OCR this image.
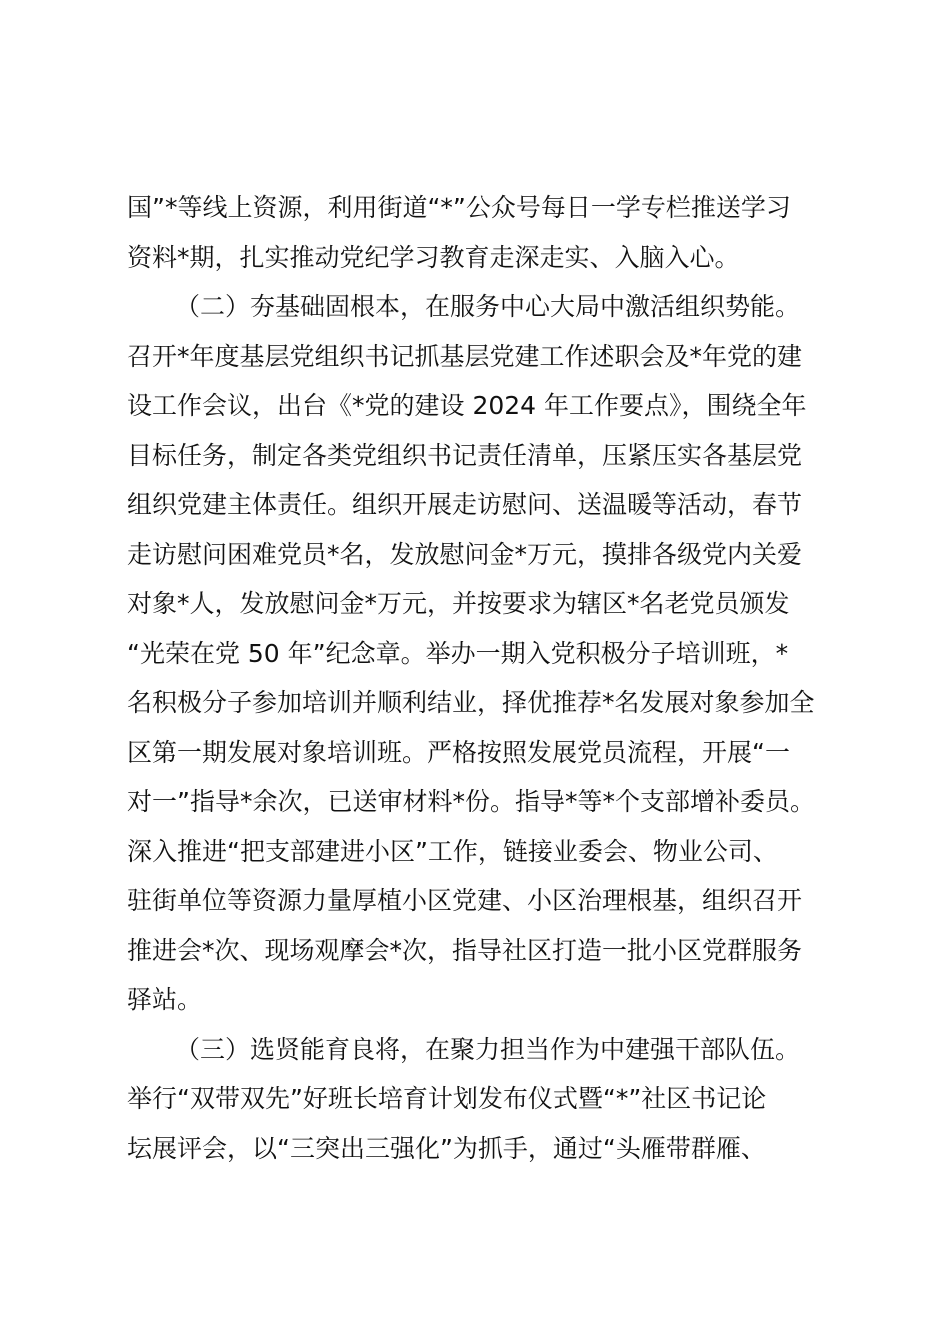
国”*等线上资源，利用街道“*”公众号每日一学专栏推送学习
资料*期，扎实推动党纪学习教育走深走实、入脑入心。
（二）夯基础固根本，在服务中心大局中激活组织势能。
召开*年度基层党组织书记抓基层党建工作述职会及*年党的建
设工作会议，出台《*党的建设 2024 年工作要点》，围绕全年
目标任务，制定各类党组织书记责任清单，压紧压实各基层党
组织党建主体责任。组织开展走访慰问、送温暖等活动，春节
走访慰问困难党员*名，发放慰问金*万元，摸排各级党内关爱
对象*人，发放慰问金*万元，并按要求为辖区*名老党员颁发
“光荣在党 50 年”纪念章。举办一期入党积极分子培训班，*
名积极分子参加培训并顺利结业，择优推荐*名发展对象参加全
区第一期发展对象培训班。严格按照发展党员流程，开展“一
对一”指导*余次，已送审材料*份。指导*等*个支部增补委员。
深入推进“把支部建进小区”工作，链接业委会、物业公司、
驻街单位等资源力量厚植小区党建、小区治理根基，组织召开
推进会*次、现场观摩会*次，指导社区打造一批小区党群服务
驿站。
（三）选贤能育良将，在聚力担当作为中建强干部队伍。
举行“双带双先”好班长培育计划发布仪式暨“*”社区书记论
坛展评会，以“三突出三强化”为抓手，通过“头雁带群雁、
